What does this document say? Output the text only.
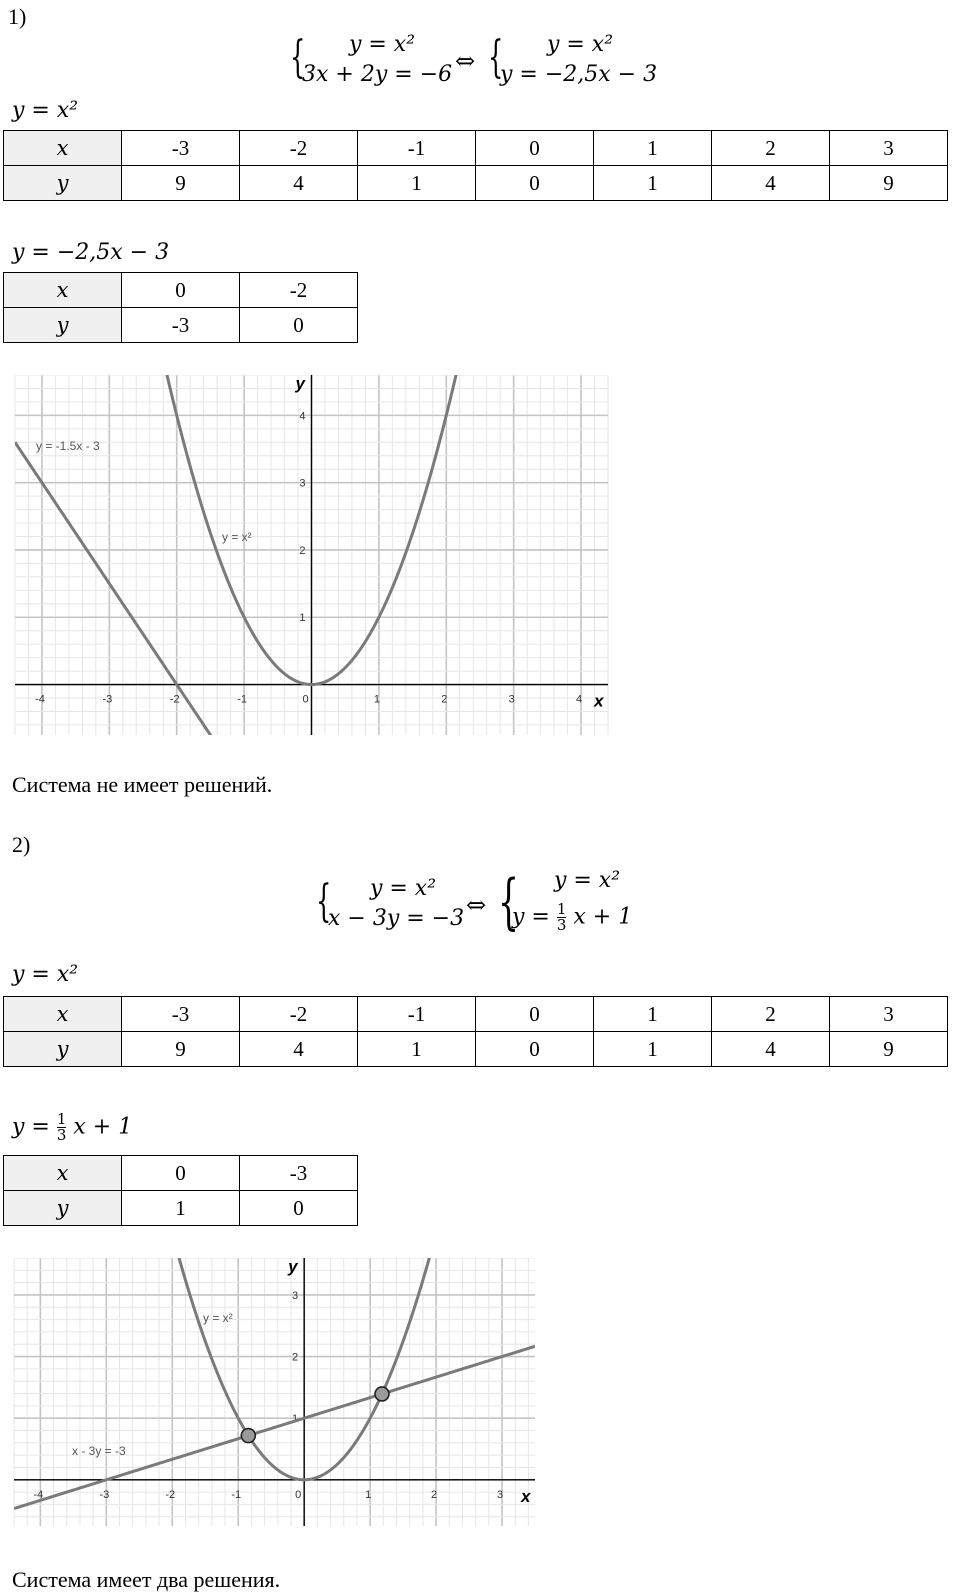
1)
{	y = x²
3x + 2y = −6 ⇔ {	y = x²
y = −2,5x − 3
y = x²
x	-3	-2	-1	0	1	2	3
y	9	4	1	0	1	4	9
y = −2,5x − 3
x	0	-2
y	-3	0
-4	-3	-2	-1	0	1	2	3	4
1
2
3
4
x
y
y = -1.5x - 3
y = x²
Система не имеет решений.
2)
{	y = x²
x − 3y = −3 ⇔ {	y = x²
$y = \frac{1}{3}$ x + 1
y = x²
x	-3	-2	-1	0	1	2	3
y	9	4	1	0	1	4	9
$y = \frac{1}{3}$ x + 1
x	0	-3
y	1	0
-4	-3	-2	-1	0	1	2	3
1
2
3
x
y
x - 3y = -3
y = x²
Система имеет два решения.
